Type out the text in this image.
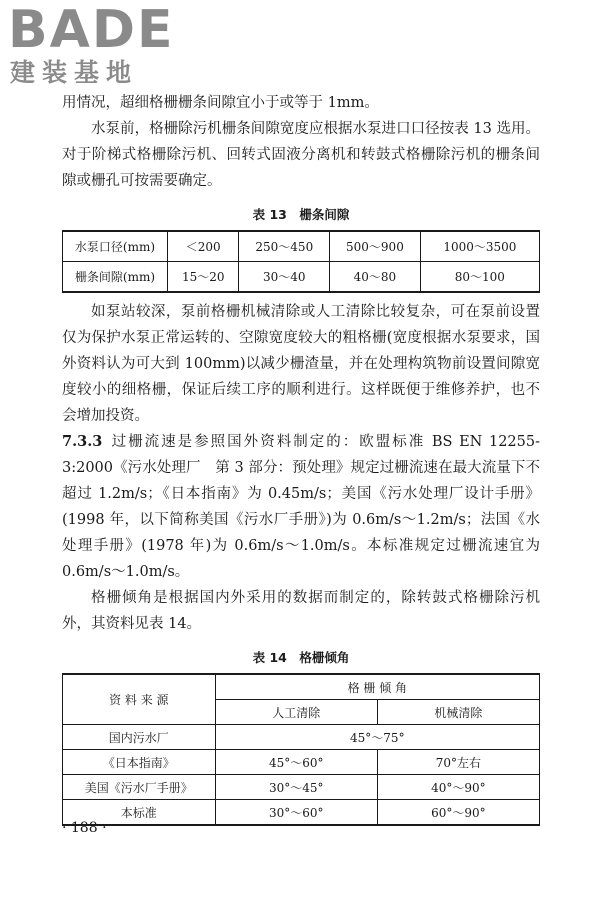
BADE
建装基地

用情况，超细格栅栅条间隙宜小于或等于 1mm。

水泵前，格栅除污机栅条间隙宽度应根据水泵进口口径按表 13 选用。对于阶梯式格栅除污机、回转式固液分离机和转鼓式格栅除污机的栅条间隙或栅孔可按需要确定。

表 13　栅条间隙
水泵口径(mm)	＜200	250～450	500～900	1000～3500
栅条间隙(mm)	15～20	30～40	40～80	80～100

如泵站较深，泵前格栅机械清除或人工清除比较复杂，可在泵前设置仅为保护水泵正常运转的、空隙宽度较大的粗格栅(宽度根据水泵要求，国外资料认为可大到 100mm)以减少栅渣量，并在处理构筑物前设置间隙宽度较小的细格栅，保证后续工序的顺利进行。这样既便于维修养护，也不会增加投资。

7.3.3 过栅流速是参照国外资料制定的：欧盟标准 BS EN 12255-3:2000《污水处理厂　第 3 部分：预处理》规定过栅流速在最大流量下不超过 1.2m/s；《日本指南》为 0.45m/s；美国《污水处理厂设计手册》(1998 年，以下简称美国《污水厂手册》)为 0.6m/s～1.2m/s；法国《水处理手册》(1978 年)为 0.6m/s～1.0m/s。本标准规定过栅流速宜为 0.6m/s～1.0m/s。

格栅倾角是根据国内外采用的数据而制定的，除转鼓式格栅除污机外，其资料见表 14。

表 14　格栅倾角
资 料 来 源	格 栅 倾 角	
	人工清除	机械清除
国内污水厂	45°～75°	
《日本指南》	45°～60°	70°左右
美国《污水厂手册》	30°～45°	40°～90°
本标准	30°～60°	60°～90°
· 188 ·
